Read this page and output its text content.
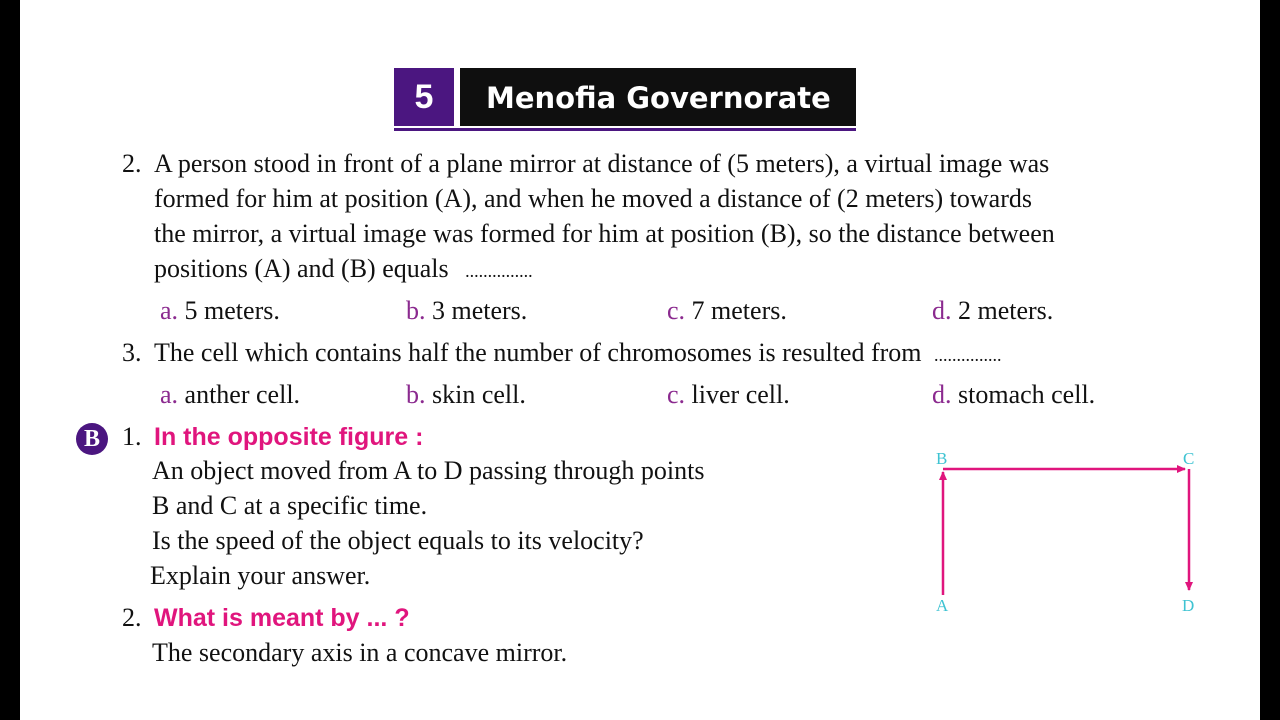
5	Menofia Governorate
2. A person stood in front of a plane mirror at distance of (5 meters), a virtual image was
formed for him at position (A), and when he moved a distance of (2 meters) towards
the mirror, a virtual image was formed for him at position (B), so the distance between
positions (A) and (B) equals ...............
a. 5 meters.	b. 3 meters.	c. 7 meters.	d. 2 meters.
3. The cell which contains half the number of chromosomes is resulted from ...............
a. anther cell.	b. skin cell.	c. liver cell.	d. stomach cell.
B 1. In the opposite figure :
An object moved from A to D passing through points
B and C at a specific time.
Is the speed of the object equals to its velocity?
Explain your answer.
2. What is meant by ... ?
The secondary axis in a concave mirror.
B	C
A	D
